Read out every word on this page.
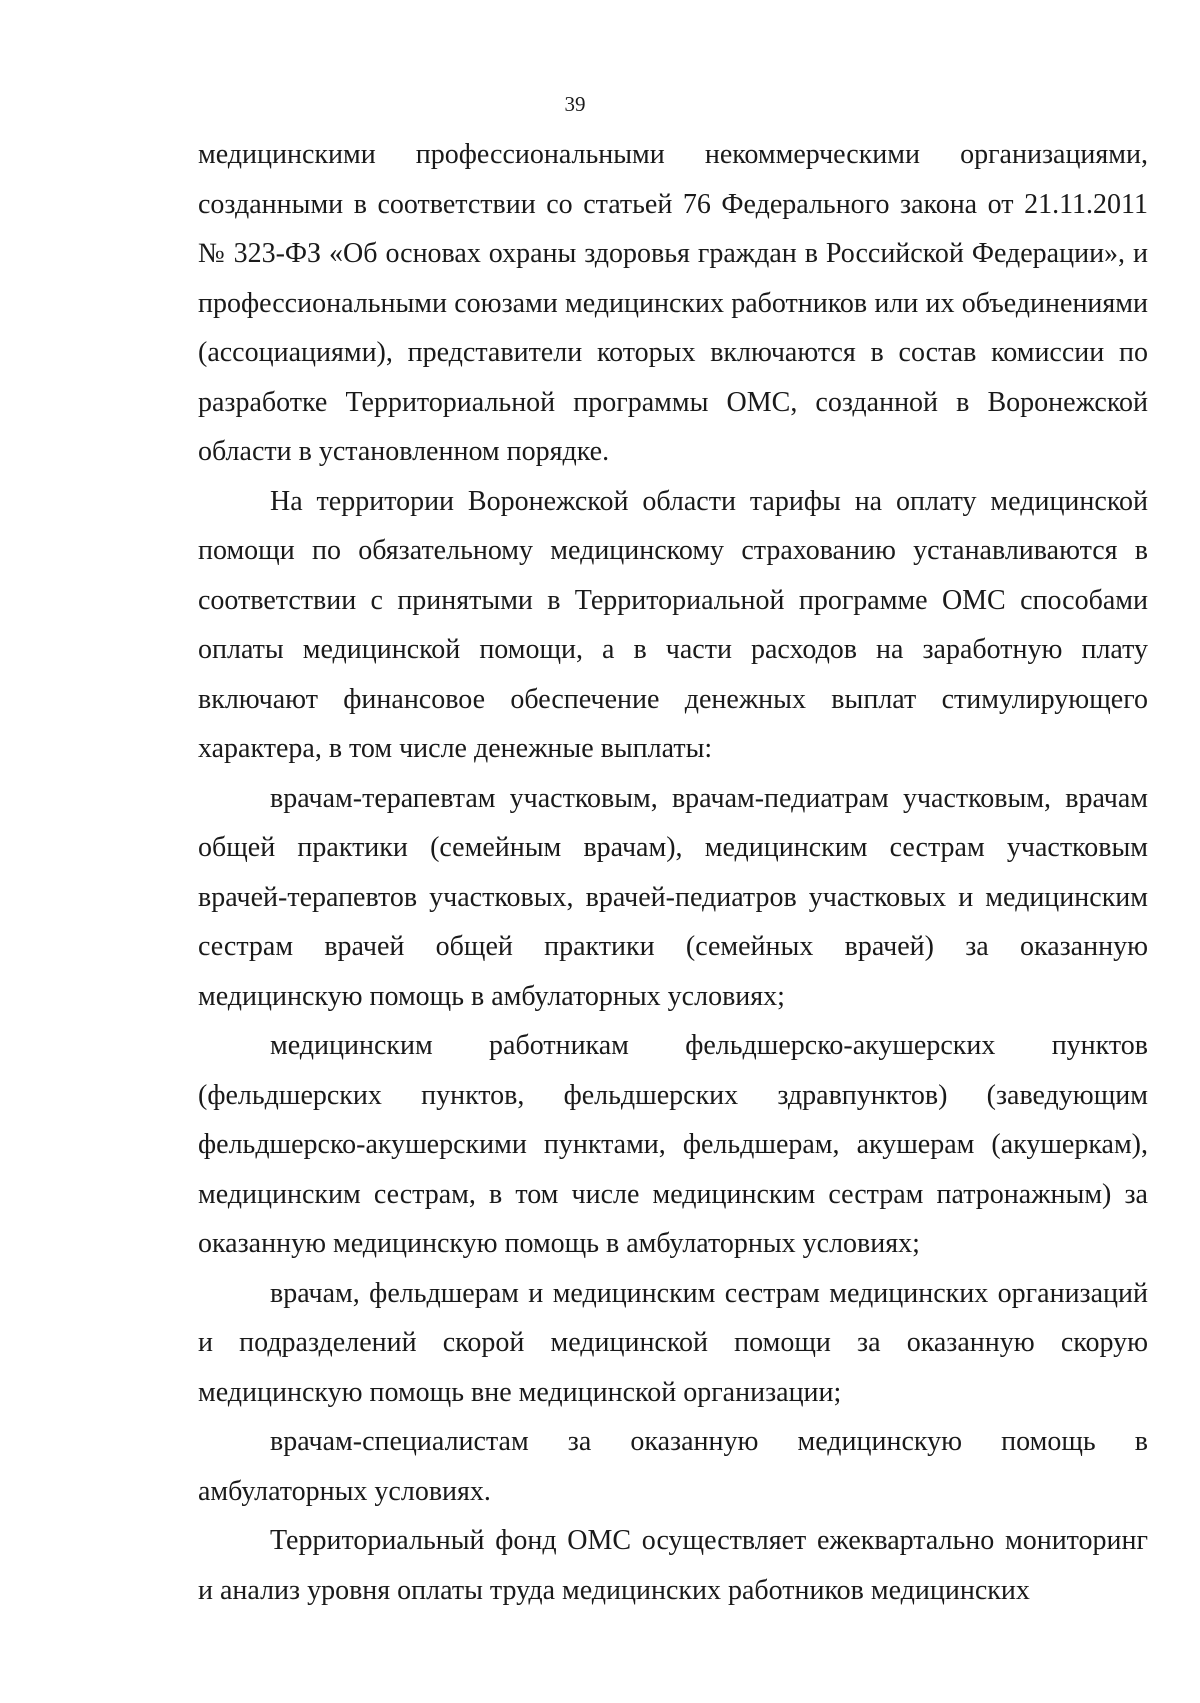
39

медицинскими профессиональными некоммерческими организациями, созданными в соответствии со статьей 76 Федерального закона от 21.11.2011 № 323-ФЗ «Об основах охраны здоровья граждан в Российской Федерации», и профессиональными союзами медицинских работников или их объединениями (ассоциациями), представители которых включаются в состав комиссии по разработке Территориальной программы ОМС, созданной в Воронежской области в установленном порядке.

На территории Воронежской области тарифы на оплату медицинской помощи по обязательному медицинскому страхованию устанавливаются в соответствии с принятыми в Территориальной программе ОМС способами оплаты медицинской помощи, а в части расходов на заработную плату включают финансовое обеспечение денежных выплат стимулирующего характера, в том числе денежные выплаты:

врачам-терапевтам участковым, врачам-педиатрам участковым, врачам общей практики (семейным врачам), медицинским сестрам участковым врачей-терапевтов участковых, врачей-педиатров участковых и медицинским сестрам врачей общей практики (семейных врачей) за оказанную медицинскую помощь в амбулаторных условиях;

медицинским работникам фельдшерско-акушерских пунктов (фельдшерских пунктов, фельдшерских здравпунктов) (заведующим фельдшерско-акушерскими пунктами, фельдшерам, акушерам (акушеркам), медицинским сестрам, в том числе медицинским сестрам патронажным) за оказанную медицинскую помощь в амбулаторных условиях;

врачам, фельдшерам и медицинским сестрам медицинских организаций и подразделений скорой медицинской помощи за оказанную скорую медицинскую помощь вне медицинской организации;

врачам-специалистам за оказанную медицинскую помощь в амбулаторных условиях.

Территориальный фонд ОМС осуществляет ежеквартально мониторинг и анализ уровня оплаты труда медицинских работников медицинских
